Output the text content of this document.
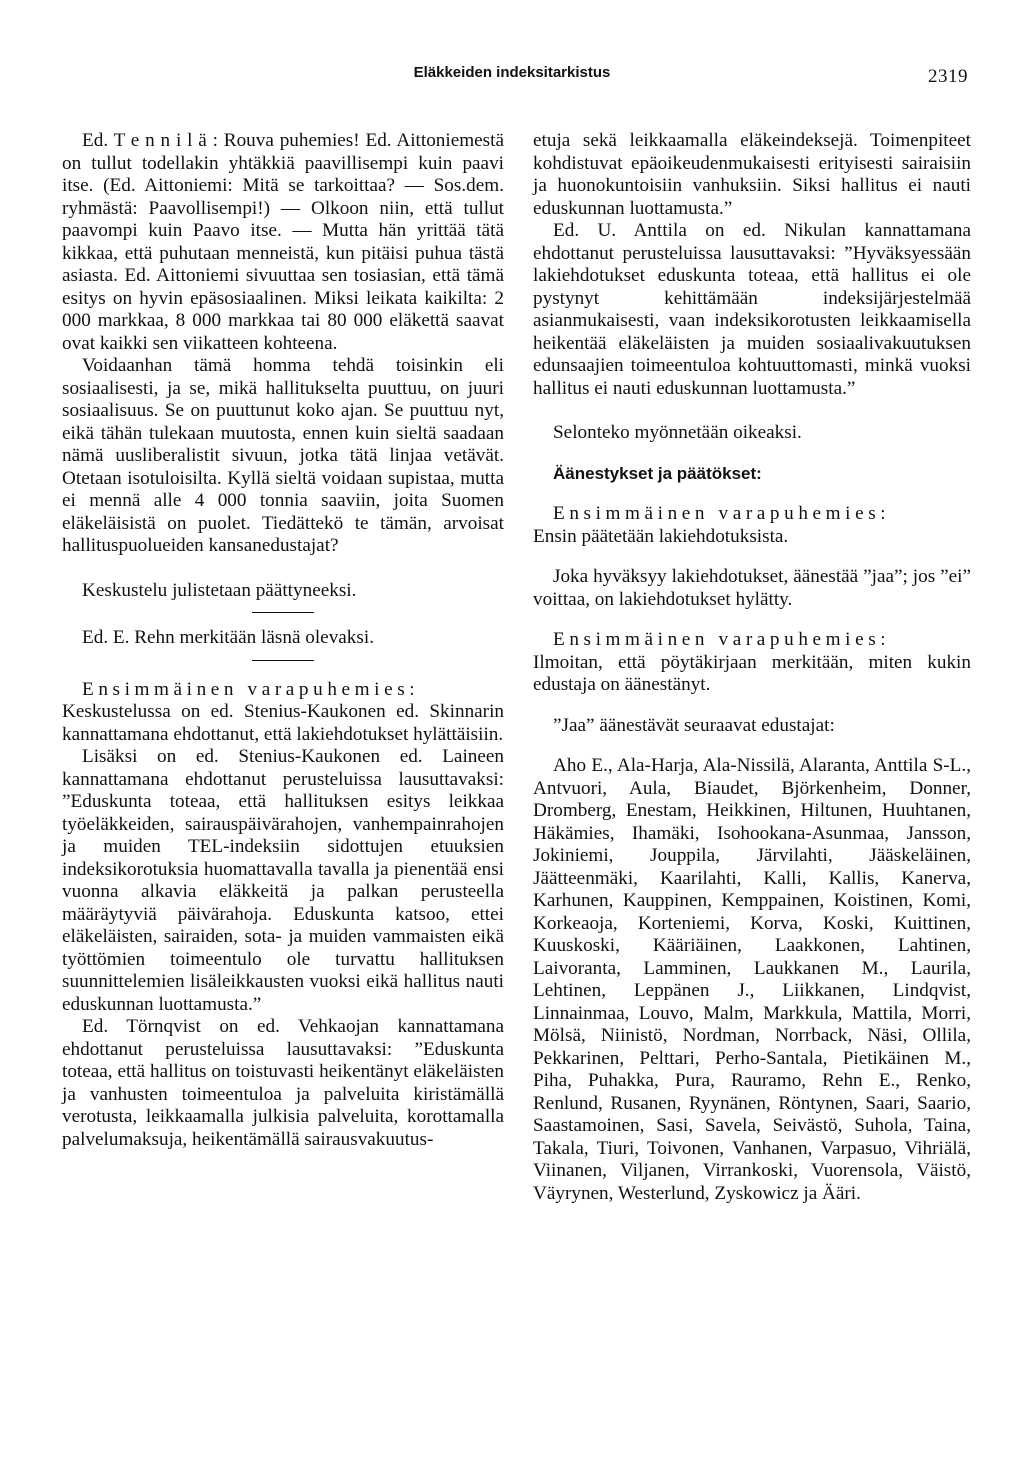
Eläkkeiden indeksitarkistus	2319

Ed. T e n n i l ä : Rouva puhemies! Ed. Aittoniemestä on tullut todellakin yhtäkkiä paavillisempi kuin paavi itse. (Ed. Aittoniemi: Mitä se tarkoittaa? — Sos.dem. ryhmästä: Paavollisempi!) — Olkoon niin, että tullut paavompi kuin Paavo itse. — Mutta hän yrittää tätä kikkaa, että puhutaan menneistä, kun pitäisi puhua tästä asiasta. Ed. Aittoniemi sivuuttaa sen tosiasian, että tämä esitys on hyvin epäsosiaalinen. Miksi leikata kaikilta: 2 000 markkaa, 8 000 markkaa tai 80 000 eläkettä saavat ovat kaikki sen viikatteen kohteena.

Voidaanhan tämä homma tehdä toisinkin eli sosiaalisesti, ja se, mikä hallitukselta puuttuu, on juuri sosiaalisuus. Se on puuttunut koko ajan. Se puuttuu nyt, eikä tähän tulekaan muutosta, ennen kuin sieltä saadaan nämä uusliberalistit sivuun, jotka tätä linjaa vetävät. Otetaan isotuloisilta. Kyllä sieltä voidaan supistaa, mutta ei mennä alle 4 000 tonnia saaviin, joita Suomen eläkeläisistä on puolet. Tiedättekö te tämän, arvoisat hallituspuolueiden kansanedustajat?

Keskustelu julistetaan päättyneeksi.

Ed. E. Rehn merkitään läsnä olevaksi.

Ensimmäinen varapuhemies:

Keskustelussa on ed. Stenius-Kaukonen ed. Skinnarin kannattamana ehdottanut, että lakiehdotukset hylättäisiin.

Lisäksi on ed. Stenius-Kaukonen ed. Laineen kannattamana ehdottanut perusteluissa lausuttavaksi: ”Eduskunta toteaa, että hallituksen esitys leikkaa työeläkkeiden, sairauspäivärahojen, vanhempainrahojen ja muiden TEL-indeksiin sidottujen etuuksien indeksikorotuksia huomattavalla tavalla ja pienentää ensi vuonna alkavia eläkkeitä ja palkan perusteella määräytyviä päivärahoja. Eduskunta katsoo, ettei eläkeläisten, sairaiden, sota- ja muiden vammaisten eikä työttömien toimeentulo ole turvattu hallituksen suunnittelemien lisäleikkausten vuoksi eikä hallitus nauti eduskunnan luottamusta.”

Ed. Törnqvist on ed. Vehkaojan kannattamana ehdottanut perusteluissa lausuttavaksi: ”Eduskunta toteaa, että hallitus on toistuvasti heikentänyt eläkeläisten ja vanhusten toimeentuloa ja palveluita kiristämällä verotusta, leikkaamalla julkisia palveluita, korottamalla palvelumaksuja, heikentämällä sairausvakuutus-

etuja sekä leikkaamalla eläkeindeksejä. Toimenpiteet kohdistuvat epäoikeudenmukaisesti erityisesti sairaisiin ja huonokuntoisiin vanhuksiin. Siksi hallitus ei nauti eduskunnan luottamusta.”

Ed. U. Anttila on ed. Nikulan kannattamana ehdottanut perusteluissa lausuttavaksi: ”Hyväksyessään lakiehdotukset eduskunta toteaa, että hallitus ei ole pystynyt kehittämään indeksijärjestelmää asianmukaisesti, vaan indeksikorotusten leikkaamisella heikentää eläkeläisten ja muiden sosiaalivakuutuksen edunsaajien toimeentuloa kohtuuttomasti, minkä vuoksi hallitus ei nauti eduskunnan luottamusta.”

Selonteko myönnetään oikeaksi.

Äänestykset ja päätökset:

Ensimmäinen varapuhemies:

Ensin päätetään lakiehdotuksista.

Joka hyväksyy lakiehdotukset, äänestää ”jaa”; jos ”ei” voittaa, on lakiehdotukset hylätty.

Ensimmäinen varapuhemies:

Ilmoitan, että pöytäkirjaan merkitään, miten kukin edustaja on äänestänyt.

”Jaa” äänestävät seuraavat edustajat:

Aho E., Ala-Harja, Ala-Nissilä, Alaranta, Anttila S-L., Antvuori, Aula, Biaudet, Björkenheim, Donner, Dromberg, Enestam, Heikkinen, Hiltunen, Huuhtanen, Häkämies, Ihamäki, Isohookana-Asunmaa, Jansson, Jokiniemi, Jouppila, Järvilahti, Jääskeläinen, Jäätteenmäki, Kaarilahti, Kalli, Kallis, Kanerva, Karhunen, Kauppinen, Kemppainen, Koistinen, Komi, Korkeaoja, Korteniemi, Korva, Koski, Kuittinen, Kuuskoski, Kääriäinen, Laakkonen, Lahtinen, Laivoranta, Lamminen, Laukkanen M., Laurila, Lehtinen, Leppänen J., Liikkanen, Lindqvist, Linnainmaa, Louvo, Malm, Markkula, Mattila, Morri, Mölsä, Niinistö, Nordman, Norrback, Näsi, Ollila, Pekkarinen, Pelttari, Perho-Santala, Pietikäinen M., Piha, Puhakka, Pura, Rauramo, Rehn E., Renko, Renlund, Rusanen, Ryynänen, Röntynen, Saari, Saario, Saastamoinen, Sasi, Savela, Seivästö, Suhola, Taina, Takala, Tiuri, Toivonen, Vanhanen, Varpasuo, Vihriälä, Viinanen, Viljanen, Virrankoski, Vuorensola, Väistö, Väyrynen, Westerlund, Zyskowicz ja Ääri.
